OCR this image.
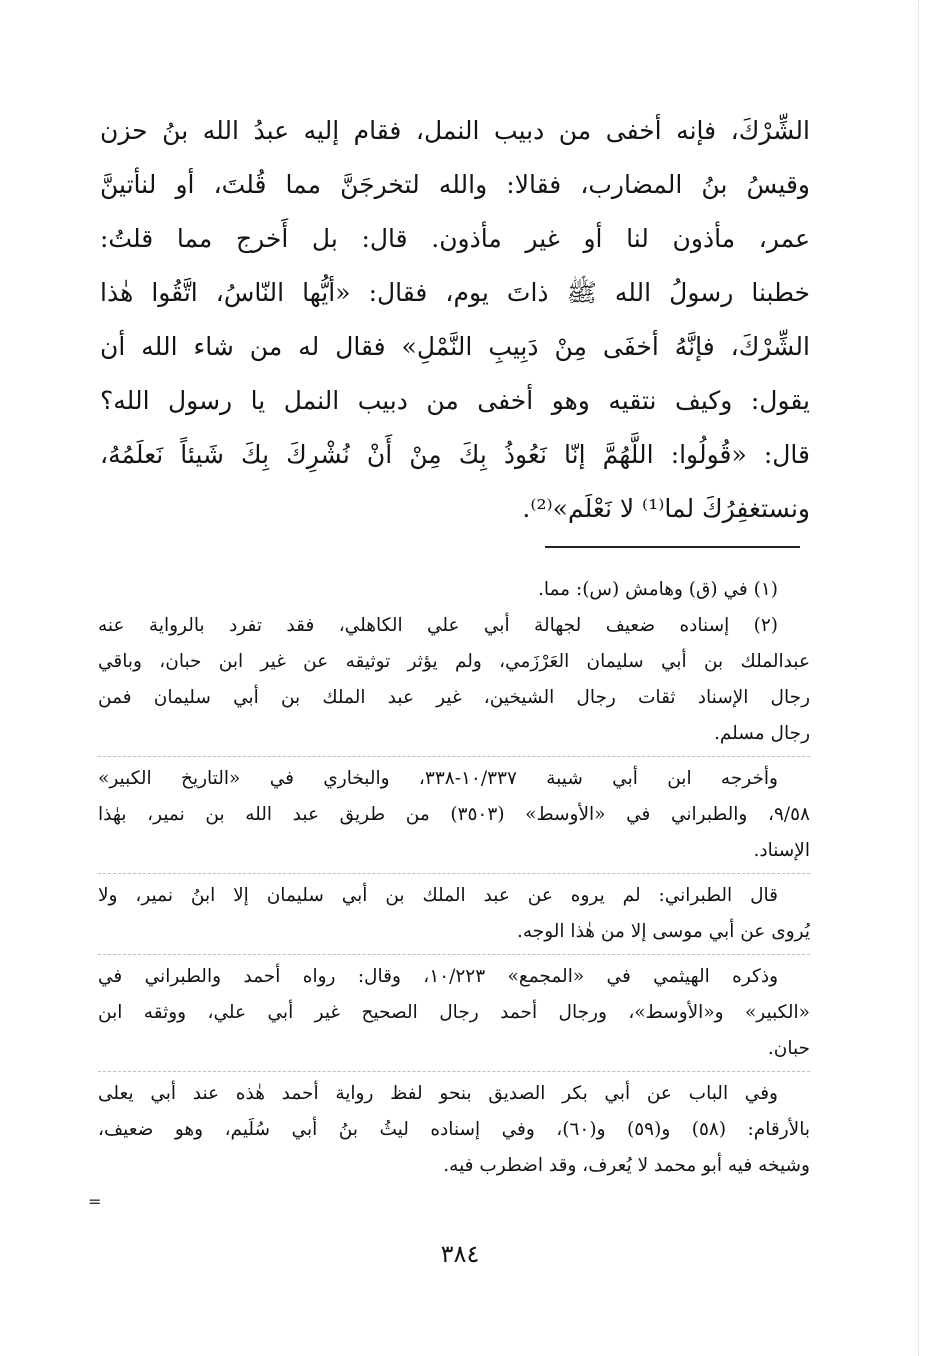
الشِّرْكَ، فإنه أخفى من دبيب النمل، فقام إليه عبدُ الله بنُ حزن
وقيسُ بنُ المضارب، فقالا: والله لتخرجَنَّ مما قُلتَ، أو لنأتينَّ
عمر، مأذون لنا أو غير مأذون. قال: بل أَخرج مما قلتُ:
خطبنا رسولُ الله ﷺ ذاتَ يوم، فقال: «أيُّها النّاسُ، اتَّقُوا هٰذا
الشِّرْكَ، فإنَّهُ أخفَى مِنْ دَبِيبِ النَّمْلِ» فقال له من شاء الله أن
يقول: وكيف نتقيه وهو أخفى من دبيب النمل يا رسول الله؟
قال: «قُولُوا: اللَّهُمَّ إنّا نَعُوذُ بِكَ مِنْ أَنْ نُشْرِكَ بِكَ شَيئاً نَعلَمُهُ،
ونستغفِرُكَ لما⁽¹⁾ لا نَعْلَم»⁽²⁾.
(١) في (ق) وهامش (س): مما.
(٢) إسناده ضعيف لجهالة أبي علي الكاهلي، فقد تفرد بالرواية عنه
عبدالملك بن أبي سليمان العَرْزَمي، ولم يؤثر توثيقه عن غير ابن حبان، وباقي
رجال الإسناد ثقات رجال الشيخين، غير عبد الملك بن أبي سليمان فمن
رجال مسلم.
وأخرجه ابن أبي شيبة ١٠/٣٣٧-٣٣٨، والبخاري في «التاريخ الكبير»
٩/٥٨، والطبراني في «الأوسط» (٣٥٠٣) من طريق عبد الله بن نمير، بهٰذا
الإسناد.
قال الطبراني: لم يروه عن عبد الملك بن أبي سليمان إلا ابنُ نمير، ولا
يُروى عن أبي موسى إلا من هٰذا الوجه.
وذكره الهيثمي في «المجمع» ١٠/٢٢٣، وقال: رواه أحمد والطبراني في
«الكبير» و«الأوسط»، ورجال أحمد رجال الصحيح غير أبي علي، ووثقه ابن
حبان.
وفي الباب عن أبي بكر الصديق بنحو لفظ رواية أحمد هٰذه عند أبي يعلى
بالأرقام: (٥٨) و(٥٩) و(٦٠)، وفي إسناده ليثُ بنُ أبي سُلَيم، وهو ضعيف،
وشيخه فيه أبو محمد لا يُعرف، وقد اضطرب فيه.
=
٣٨٤
